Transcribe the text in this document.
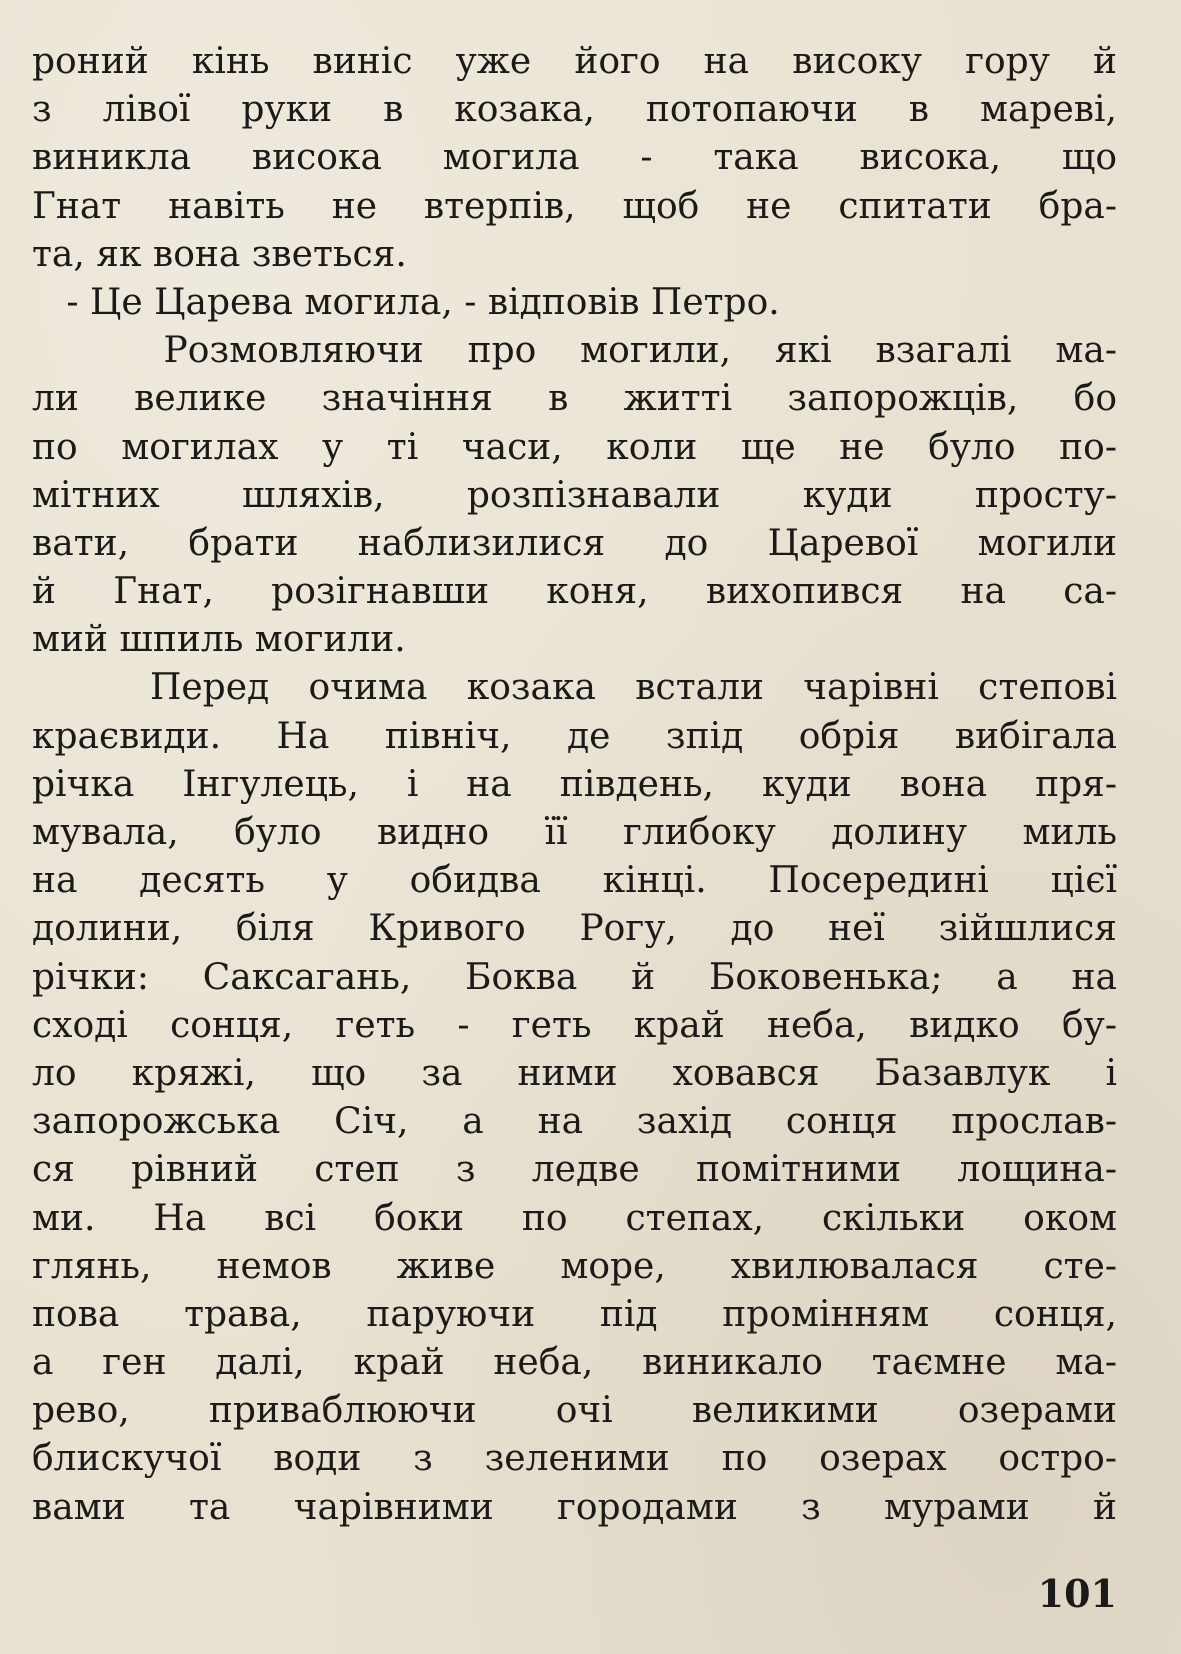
роний кінь виніс уже його на високу гору й
з лівої руки в козака, потопаючи в мареві,
виникла висока могила - така висока, що
Гнат навіть не втерпів, щоб не спитати бра-
та, як вона зветься.
- Це Царева могила, - відповів Петро.
Розмовляючи про могили, які взагалі ма-
ли велике значіння в житті запорожців, бо
по могилах у ті часи, коли ще не було по-
мітних шляхів, розпізнавали куди просту-
вати, брати наблизилися до Царевої могили
й Гнат, розігнавши коня, вихопився на са-
мий шпиль могили.
Перед очима козака встали чарівні степові
краєвиди. На північ, де зпід обрія вибігала
річка Інгулець, і на південь, куди вона пря-
мувала, було видно її глибоку долину миль
на десять у обидва кінці. Посередині цієї
долини, біля Кривого Рогу, до неї зійшлися
річки: Саксагань, Боква й Боковенька; а на
сході сонця, геть - геть край неба, видко бу-
ло кряжі, що за ними ховався Базавлук і
запорожська Січ, а на захід сонця прослав-
ся рівний степ з ледве помітними лощина-
ми. На всі боки по степах, скільки оком
глянь, немов живе море, хвилювалася сте-
пова трава, паруючи під промінням сонця,
а ген далі, край неба, виникало таємне ма-
рево, приваблюючи очі великими озерами
блискучої води з зеленими по озерах остро-
вами та чарівними городами з мурами й
101
